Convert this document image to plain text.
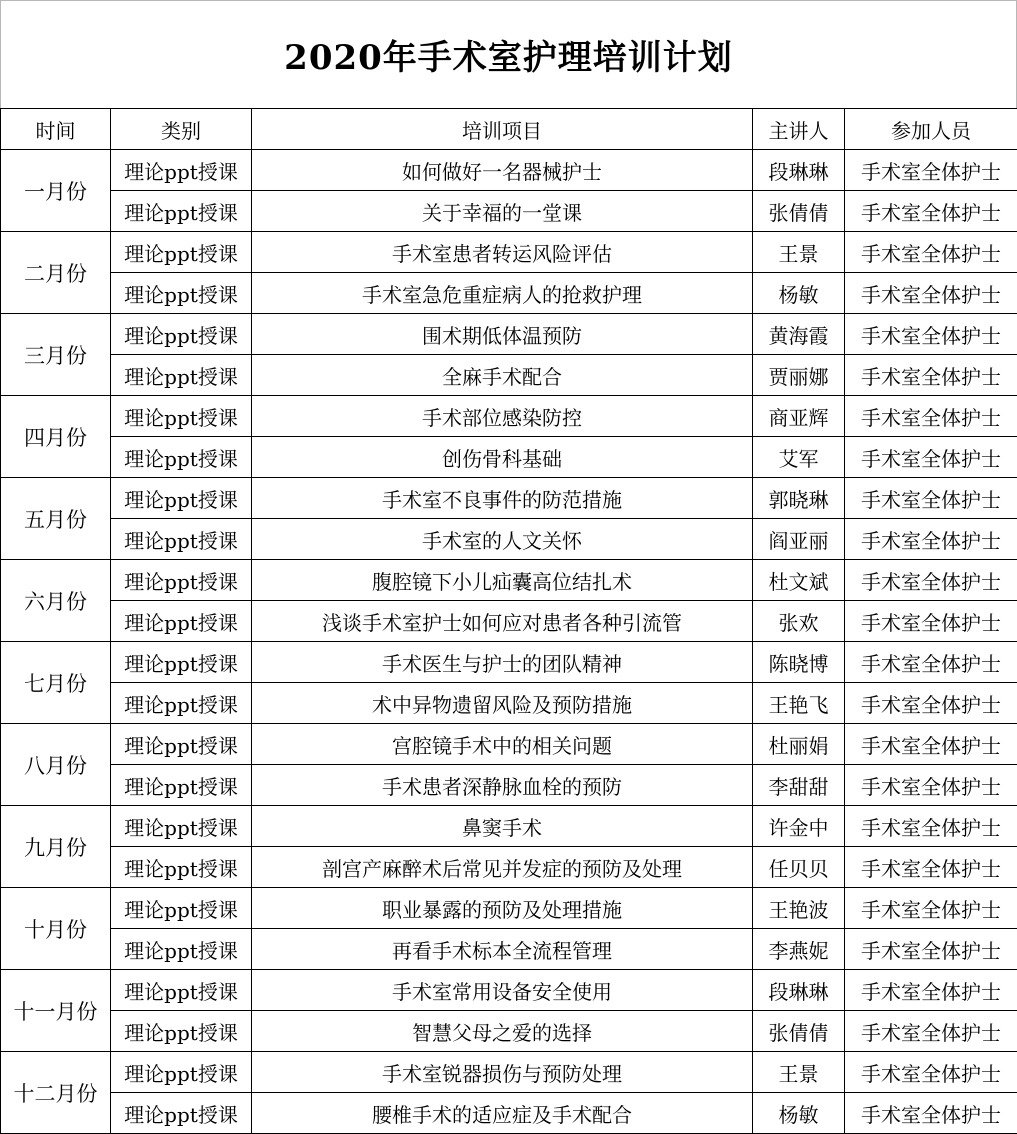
2020年手术室护理培训计划
时间	类别	培训项目	主讲人	参加人员
一月份	理论ppt授课	如何做好一名器械护士	段琳琳	手术室全体护士
	理论ppt授课	关于幸福的一堂课	张倩倩	手术室全体护士
二月份	理论ppt授课	手术室患者转运风险评估	王景	手术室全体护士
	理论ppt授课	手术室急危重症病人的抢救护理	杨敏	手术室全体护士
三月份	理论ppt授课	围术期低体温预防	黄海霞	手术室全体护士
	理论ppt授课	全麻手术配合	贾丽娜	手术室全体护士
四月份	理论ppt授课	手术部位感染防控	商亚辉	手术室全体护士
	理论ppt授课	创伤骨科基础	艾军	手术室全体护士
五月份	理论ppt授课	手术室不良事件的防范措施	郭晓琳	手术室全体护士
	理论ppt授课	手术室的人文关怀	阎亚丽	手术室全体护士
六月份	理论ppt授课	腹腔镜下小儿疝囊高位结扎术	杜文斌	手术室全体护士
	理论ppt授课	浅谈手术室护士如何应对患者各种引流管	张欢	手术室全体护士
七月份	理论ppt授课	手术医生与护士的团队精神	陈晓博	手术室全体护士
	理论ppt授课	术中异物遗留风险及预防措施	王艳飞	手术室全体护士
八月份	理论ppt授课	宫腔镜手术中的相关问题	杜丽娟	手术室全体护士
	理论ppt授课	手术患者深静脉血栓的预防	李甜甜	手术室全体护士
九月份	理论ppt授课	鼻窦手术	许金中	手术室全体护士
	理论ppt授课	剖宫产麻醉术后常见并发症的预防及处理	任贝贝	手术室全体护士
十月份	理论ppt授课	职业暴露的预防及处理措施	王艳波	手术室全体护士
	理论ppt授课	再看手术标本全流程管理	李燕妮	手术室全体护士
十一月份	理论ppt授课	手术室常用设备安全使用	段琳琳	手术室全体护士
	理论ppt授课	智慧父母之爱的选择	张倩倩	手术室全体护士
十二月份	理论ppt授课	手术室锐器损伤与预防处理	王景	手术室全体护士
	理论ppt授课	腰椎手术的适应症及手术配合	杨敏	手术室全体护士
